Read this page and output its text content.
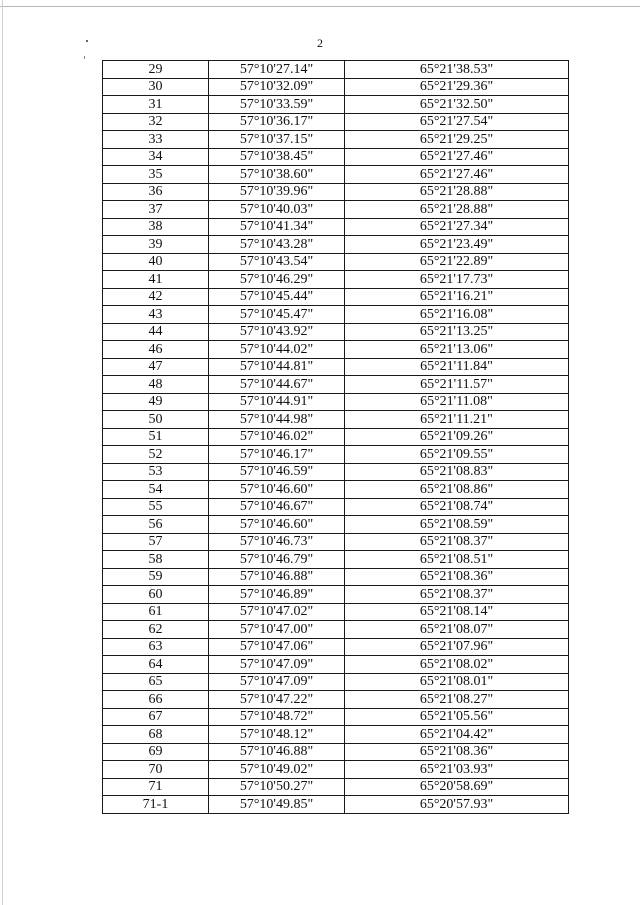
2
29	57°10'27.14"	65°21'38.53"
30	57°10'32.09"	65°21'29.36"
31	57°10'33.59"	65°21'32.50"
32	57°10'36.17"	65°21'27.54"
33	57°10'37.15"	65°21'29.25"
34	57°10'38.45"	65°21'27.46"
35	57°10'38.60"	65°21'27.46"
36	57°10'39.96"	65°21'28.88"
37	57°10'40.03"	65°21'28.88"
38	57°10'41.34"	65°21'27.34"
39	57°10'43.28"	65°21'23.49"
40	57°10'43.54"	65°21'22.89"
41	57°10'46.29"	65°21'17.73"
42	57°10'45.44"	65°21'16.21"
43	57°10'45.47"	65°21'16.08"
44	57°10'43.92"	65°21'13.25"
46	57°10'44.02"	65°21'13.06"
47	57°10'44.81"	65°21'11.84"
48	57°10'44.67"	65°21'11.57"
49	57°10'44.91"	65°21'11.08"
50	57°10'44.98"	65°21'11.21"
51	57°10'46.02"	65°21'09.26"
52	57°10'46.17"	65°21'09.55"
53	57°10'46.59"	65°21'08.83"
54	57°10'46.60"	65°21'08.86"
55	57°10'46.67"	65°21'08.74"
56	57°10'46.60"	65°21'08.59"
57	57°10'46.73"	65°21'08.37"
58	57°10'46.79"	65°21'08.51"
59	57°10'46.88"	65°21'08.36"
60	57°10'46.89"	65°21'08.37"
61	57°10'47.02"	65°21'08.14"
62	57°10'47.00"	65°21'08.07"
63	57°10'47.06"	65°21'07.96"
64	57°10'47.09"	65°21'08.02"
65	57°10'47.09"	65°21'08.01"
66	57°10'47.22"	65°21'08.27"
67	57°10'48.72"	65°21'05.56"
68	57°10'48.12"	65°21'04.42"
69	57°10'46.88"	65°21'08.36"
70	57°10'49.02"	65°21'03.93"
71	57°10'50.27"	65°20'58.69"
71-1	57°10'49.85"	65°20'57.93"
